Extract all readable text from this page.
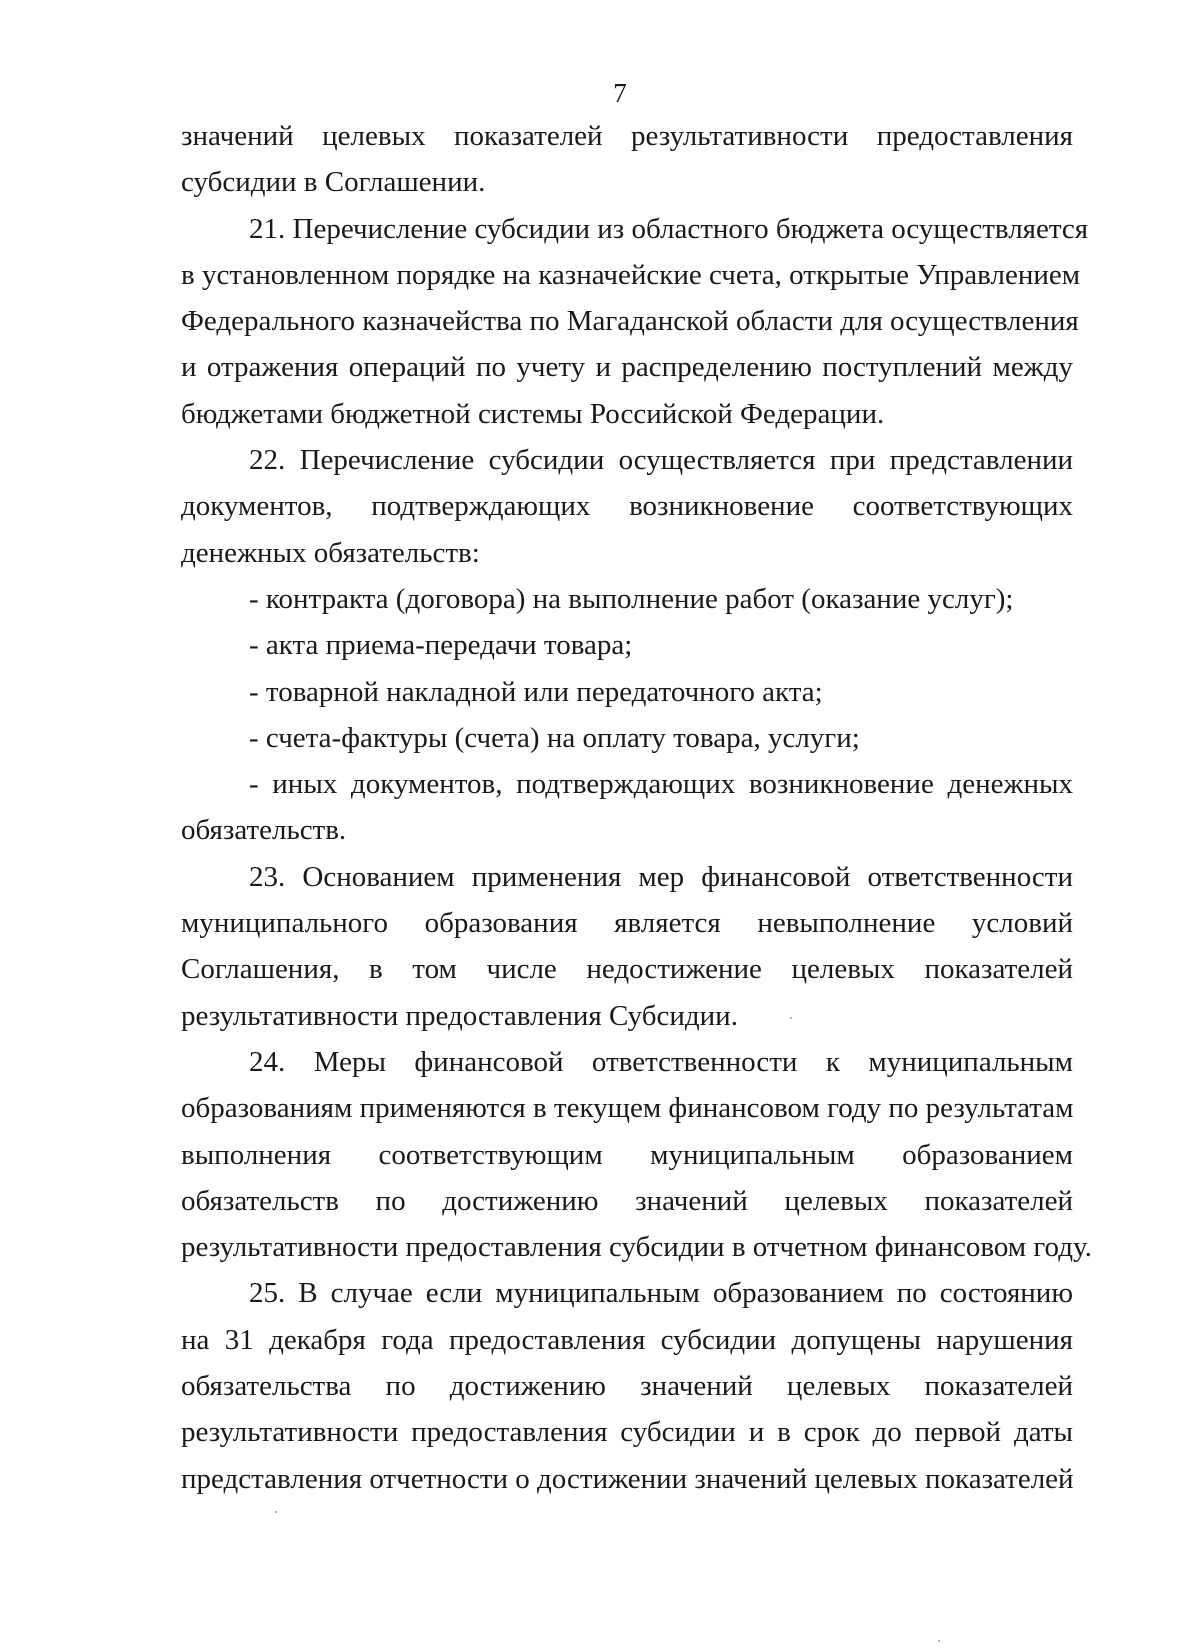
7
значений целевых показателей результативности предоставления
субсидии в Соглашении.
21. Перечисление субсидии из областного бюджета осуществляется
в установленном порядке на казначейские счета, открытые Управлением
Федерального казначейства по Магаданской области для осуществления
и отражения операций по учету и распределению поступлений между
бюджетами бюджетной системы Российской Федерации.
22. Перечисление субсидии осуществляется при представлении
документов, подтверждающих возникновение соответствующих
денежных обязательств:
- контракта (договора) на выполнение работ (оказание услуг);
- акта приема-передачи товара;
- товарной накладной или передаточного акта;
- счета-фактуры (счета) на оплату товара, услуги;
- иных документов, подтверждающих возникновение денежных
обязательств.
23. Основанием применения мер финансовой ответственности
муниципального образования является невыполнение условий
Соглашения, в том числе недостижение целевых показателей
результативности предоставления Субсидии.
24. Меры финансовой ответственности к муниципальным
образованиям применяются в текущем финансовом году по результатам
выполнения соответствующим муниципальным образованием
обязательств по достижению значений целевых показателей
результативности предоставления субсидии в отчетном финансовом году.
25. В случае если муниципальным образованием по состоянию
на 31 декабря года предоставления субсидии допущены нарушения
обязательства по достижению значений целевых показателей
результативности предоставления субсидии и в срок до первой даты
представления отчетности о достижении значений целевых показателей
